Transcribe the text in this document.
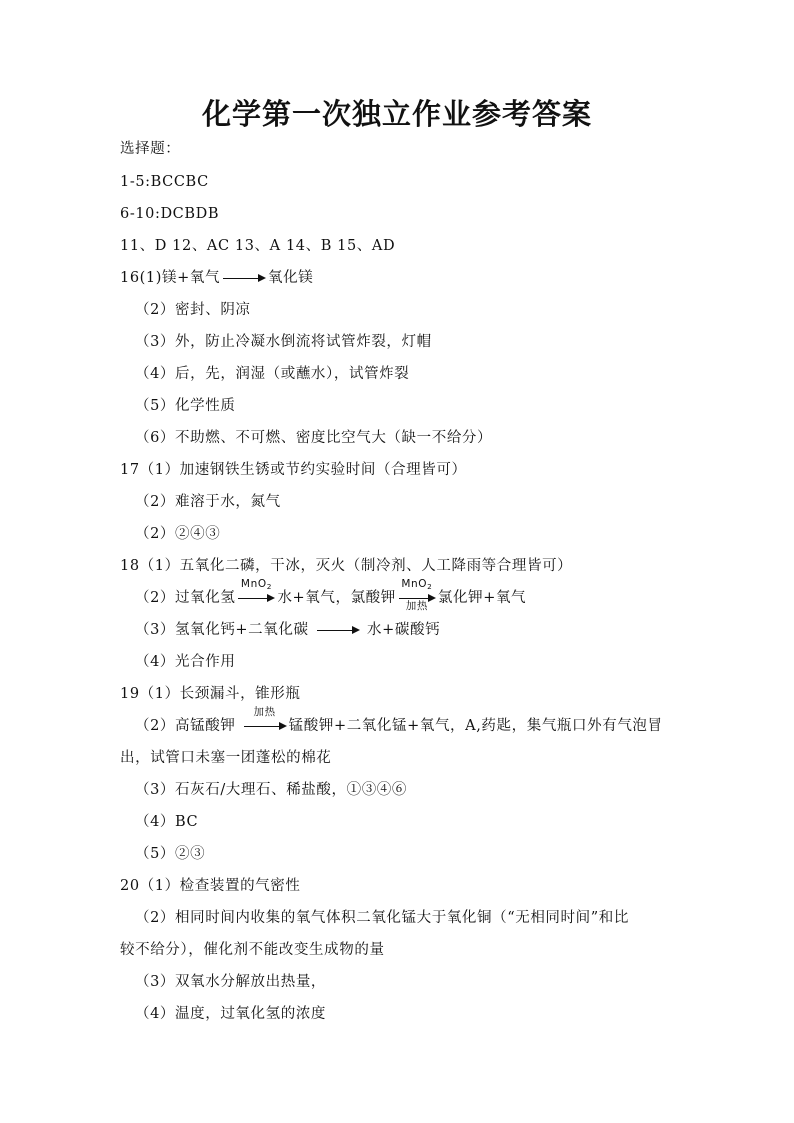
化学第一次独立作业参考答案
选择题：
1-5:BCCBC
6-10:DCBDB
11、D 12、AC 13、A 14、B 15、AD
16(1)镁+氧气	氧化镁
（2）密封、阴凉
（3）外，防止冷凝水倒流将试管炸裂，灯帽
（4）后，先，润湿（或蘸水），试管炸裂
（5）化学性质
（6）不助燃、不可燃、密度比空气大（缺一不给分）
17（1）加速钢铁生锈或节约实验时间（合理皆可）
（2）难溶于水，氮气
（2）②④③
18（1）五氧化二磷，干冰，灭火（制冷剂、人工降雨等合理皆可）
（2）过氧化氢
MnO$_2$
水+氧气，氯酸钾
MnO$_2$
加热 氯化钾+氧气
（3）氢氧化钙+二氧化碳	水+碳酸钙
（4）光合作用
19（1）长颈漏斗，锥形瓶
（2）高锰酸钾
加热
锰酸钾+二氧化锰+氧气，A,药匙，集气瓶口外有气泡冒
出，试管口未塞一团蓬松的棉花
（3）石灰石/大理石、稀盐酸，①③④⑥
（4）BC
（5）②③
20（1）检查装置的气密性
（2）相同时间内收集的氧气体积二氧化锰大于氧化铜（“无相同时间”和比
较不给分），催化剂不能改变生成物的量
（3）双氧水分解放出热量，
（4）温度，过氧化氢的浓度
